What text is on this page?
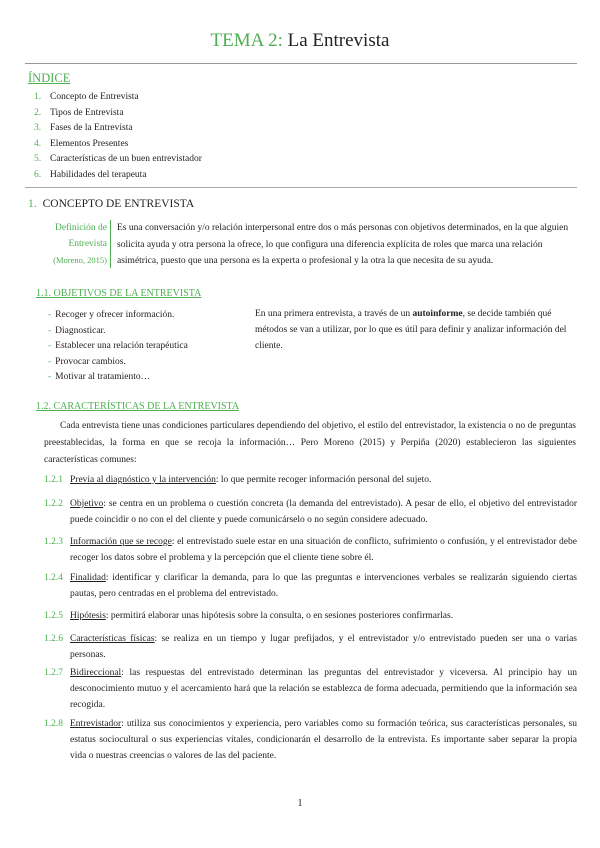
TEMA 2: La Entrevista
ÍNDICE
1. Concepto de Entrevista
2. Tipos de Entrevista
3. Fases de la Entrevista
4. Elementos Presentes
5. Características de un buen entrevistador
6. Habilidades del terapeuta
1. CONCEPTO DE ENTREVISTA
Definición de
Entrevista
(Moreno, 2015)
Es una conversación y/o relación interpersonal entre dos o más personas con objetivos determinados, en la que alguien solicita ayuda y otra persona la ofrece, lo que configura una diferencia explícita de roles que marca una relación asimétrica, puesto que una persona es la experta o profesional y la otra la que necesita de su ayuda.
1.1. OBJETIVOS DE LA ENTREVISTA
- Recoger y ofrecer información.
- Diagnosticar.
- Establecer una relación terapéutica
- Provocar cambios.
- Motivar al tratamiento…
En una primera entrevista, a través de un autoinforme, se decide también qué métodos se van a utilizar, por lo que es útil para definir y analizar información del cliente.
1.2. CARACTERÍSTICAS DE LA ENTREVISTA
Cada entrevista tiene unas condiciones particulares dependiendo del objetivo, el estilo del entrevistador, la existencia o no de preguntas preestablecidas, la forma en que se recoja la información… Pero Moreno (2015) y Perpiña (2020) establecieron las siguientes características comunes:
1.2.1 Previa al diagnóstico y la intervención: lo que permite recoger información personal del sujeto.
1.2.2 Objetivo: se centra en un problema o cuestión concreta (la demanda del entrevistado). A pesar de ello, el objetivo del entrevistador puede coincidir o no con el del cliente y puede comunicárselo o no según considere adecuado.
1.2.3 Información que se recoge: el entrevistado suele estar en una situación de conflicto, sufrimiento o confusión, y el entrevistador debe recoger los datos sobre el problema y la percepción que el cliente tiene sobre él.
1.2.4 Finalidad: identificar y clarificar la demanda, para lo que las preguntas e intervenciones verbales se realizarán siguiendo ciertas pautas, pero centradas en el problema del entrevistado.
1.2.5 Hipótesis: permitirá elaborar unas hipótesis sobre la consulta, o en sesiones posteriores confirmarlas.
1.2.6 Características físicas: se realiza en un tiempo y lugar prefijados, y el entrevistador y/o entrevistado pueden ser una o varias personas.
1.2.7 Bidireccional: las respuestas del entrevistado determinan las preguntas del entrevistador y viceversa. Al principio hay un desconocimiento mutuo y el acercamiento hará que la relación se establezca de forma adecuada, permitiendo que la información sea recogida.
1.2.8 Entrevistador: utiliza sus conocimientos y experiencia, pero variables como su formación teórica, sus características personales, su estatus sociocultural o sus experiencias vitales, condicionarán el desarrollo de la entrevista. Es importante saber separar la propia vida o nuestras creencias o valores de las del paciente.
1
